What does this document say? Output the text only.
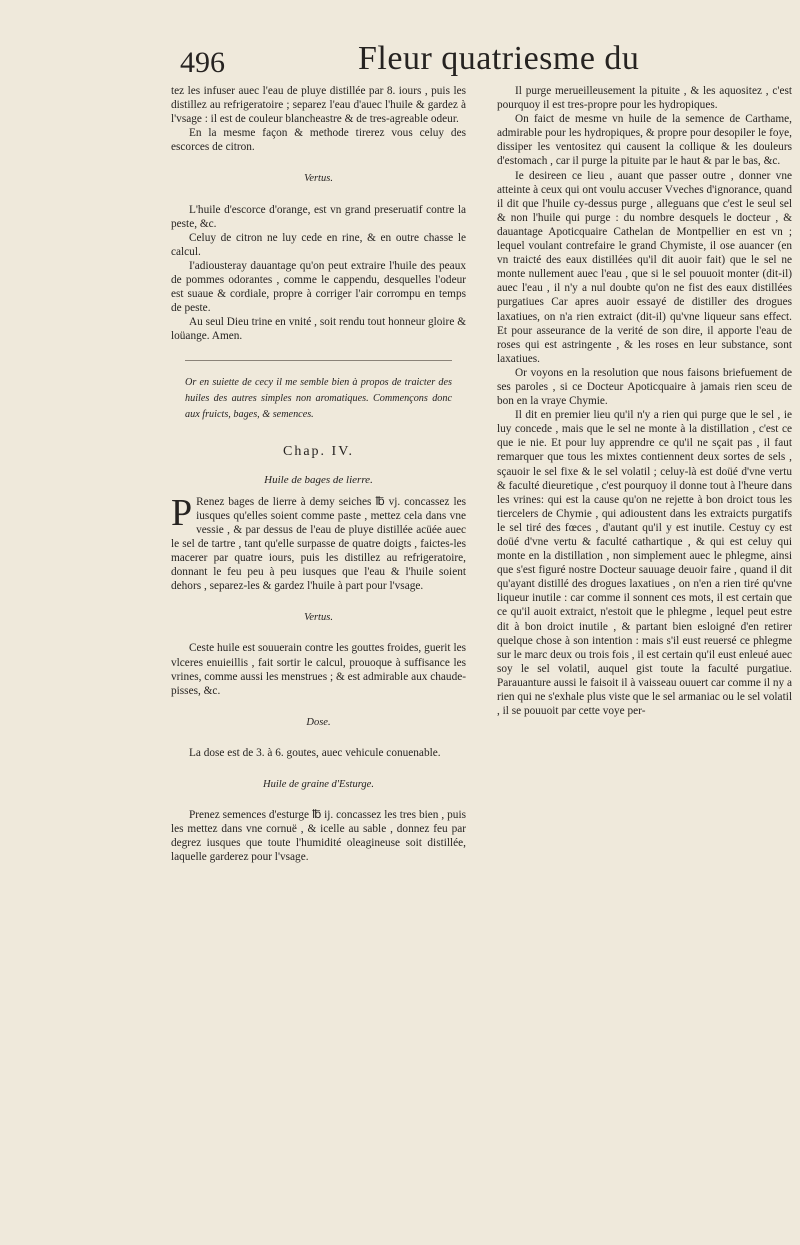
496	Fleur quatriesme du

tez les infuser auec l'eau de pluye distillée par 8. iours , puis les distillez au refrigeratoire ; separez l'eau d'auec l'huile & gardez à l'vsage : il est de couleur blancheastre & de tres-agreable odeur.

En la mesme façon & methode tirerez vous celuy des escorces de citron.

Vertus.

L'huile d'escorce d'orange, est vn grand preseruatif contre la peste, &c.

Celuy de citron ne luy cede en rine, & en outre chasse le calcul.

I'adiousteray dauantage qu'on peut extraire l'huile des peaux de pommes odorantes , comme le cappendu, desquelles l'odeur est suaue & cordiale, propre à corriger l'air corrompu en temps de peste.

Au seul Dieu trine en vnité , soit rendu tout honneur gloire & loüange. Amen.

Or en suiette de cecy il me semble bien à propos de traicter des huiles des autres simples non aromatiques. Commençons donc aux fruicts, bages, & semences.

Chap. IV.

Huile de bages de lierre.

P Renez bages de lierre à demy seiches ℔ vj. concassez les iusques qu'elles soient comme paste , mettez cela dans vne vessie , & par dessus de l'eau de pluye distillée acüée auec le sel de tartre , tant qu'elle surpasse de quatre doigts , faictes-les macerer par quatre iours, puis les distillez au refrigeratoire, donnant le feu peu à peu iusques que l'eau & l'huile soient dehors , separez-les & gardez l'huile à part pour l'vsage.

Vertus.

Ceste huile est souuerain contre les gouttes froides, guerit les vlceres enuieillis , fait sortir le calcul, prouoque à suffisance les vrines, comme aussi les menstrues ; & est admirable aux chaude-pisses, &c.

Dose.

La dose est de 3. à 6. goutes, auec vehicule conuenable.

Huile de graine d'Esturge.

Prenez semences d'esturge ℔ ij. concassez les tres bien , puis les mettez dans vne cornuë , & icelle au sable , donnez feu par degrez iusques que toute l'humidité oleagineuse soit distillée, laquelle garderez pour l'vsage.

Il purge merueilleusement la pituite , & les aquositez , c'est pourquoy il est tres-propre pour les hydropiques.

On faict de mesme vn huile de la semence de Carthame, admirable pour les hydropiques, & propre pour desopiler le foye, dissiper les ventositez qui causent la collique & les douleurs d'estomach , car il purge la pituite par le haut & par le bas, &c.

Ie desireen ce lieu , auant que passer outre , donner vne atteinte à ceux qui ont voulu accuser Vveches d'ignorance, quand il dit que l'huile cy-dessus purge , alleguans que c'est le seul sel & non l'huile qui purge : du nombre desquels le docteur , & dauantage Apoticquaire Cathelan de Montpellier en est vn ; lequel voulant contrefaire le grand Chymiste, il ose auancer (en vn traicté des eaux distillées qu'il dit auoir fait) que le sel ne monte nullement auec l'eau , que si le sel pouuoit monter (dit-il) auec l'eau , il n'y a nul doubte qu'on ne fist des eaux distillées purgatiues Car apres auoir essayé de distiller des drogues laxatiues, on n'a rien extraict (dit-il) qu'vne liqueur sans effect. Et pour asseurance de la verité de son dire, il apporte l'eau de roses qui est astringente , & les roses en leur substance, sont laxatiues.

Or voyons en la resolution que nous faisons briefuement de ses paroles , si ce Docteur Apoticquaire à jamais rien sceu de bon en la vraye Chymie.

Il dit en premier lieu qu'il n'y a rien qui purge que le sel , ie luy concede , mais que le sel ne monte à la distillation , c'est ce que ie nie. Et pour luy apprendre ce qu'il ne sçait pas , il faut remarquer que tous les mixtes contiennent deux sortes de sels , sçauoir le sel fixe & le sel volatil ; celuy-là est doüé d'vne vertu & faculté dieuretique , c'est pourquoy il donne tout à l'heure dans les vrines: qui est la cause qu'on ne rejette à bon droict tous les tiercelers de Chymie , qui adioustent dans les extraicts purgatifs le sel tiré des fœces , d'autant qu'il y est inutile. Cestuy cy est doüé d'vne vertu & faculté cathartique , & qui est celuy qui monte en la distillation , non simplement auec le phlegme, ainsi que s'est figuré nostre Docteur sauuage deuoir faire , quand il dit qu'ayant distillé des drogues laxatiues , on n'en a rien tiré qu'vne liqueur inutile : car comme il sonnent ces mots, il est certain que ce qu'il auoit extraict, n'estoit que le phlegme , lequel peut estre dit à bon droict inutile , & partant bien esloigné d'en retirer quelque chose à son intention : mais s'il eust reuersé ce phlegme sur le marc deux ou trois fois , il est certain qu'il eust enleué auec soy le sel volatil, auquel gist toute la faculté purgatiue. Parauanture aussi le faisoit il à vaisseau ouuert car comme il ny a rien qui ne s'exhale plus viste que le sel armaniac ou le sel volatil , il se pouuoit par cette voye per-
